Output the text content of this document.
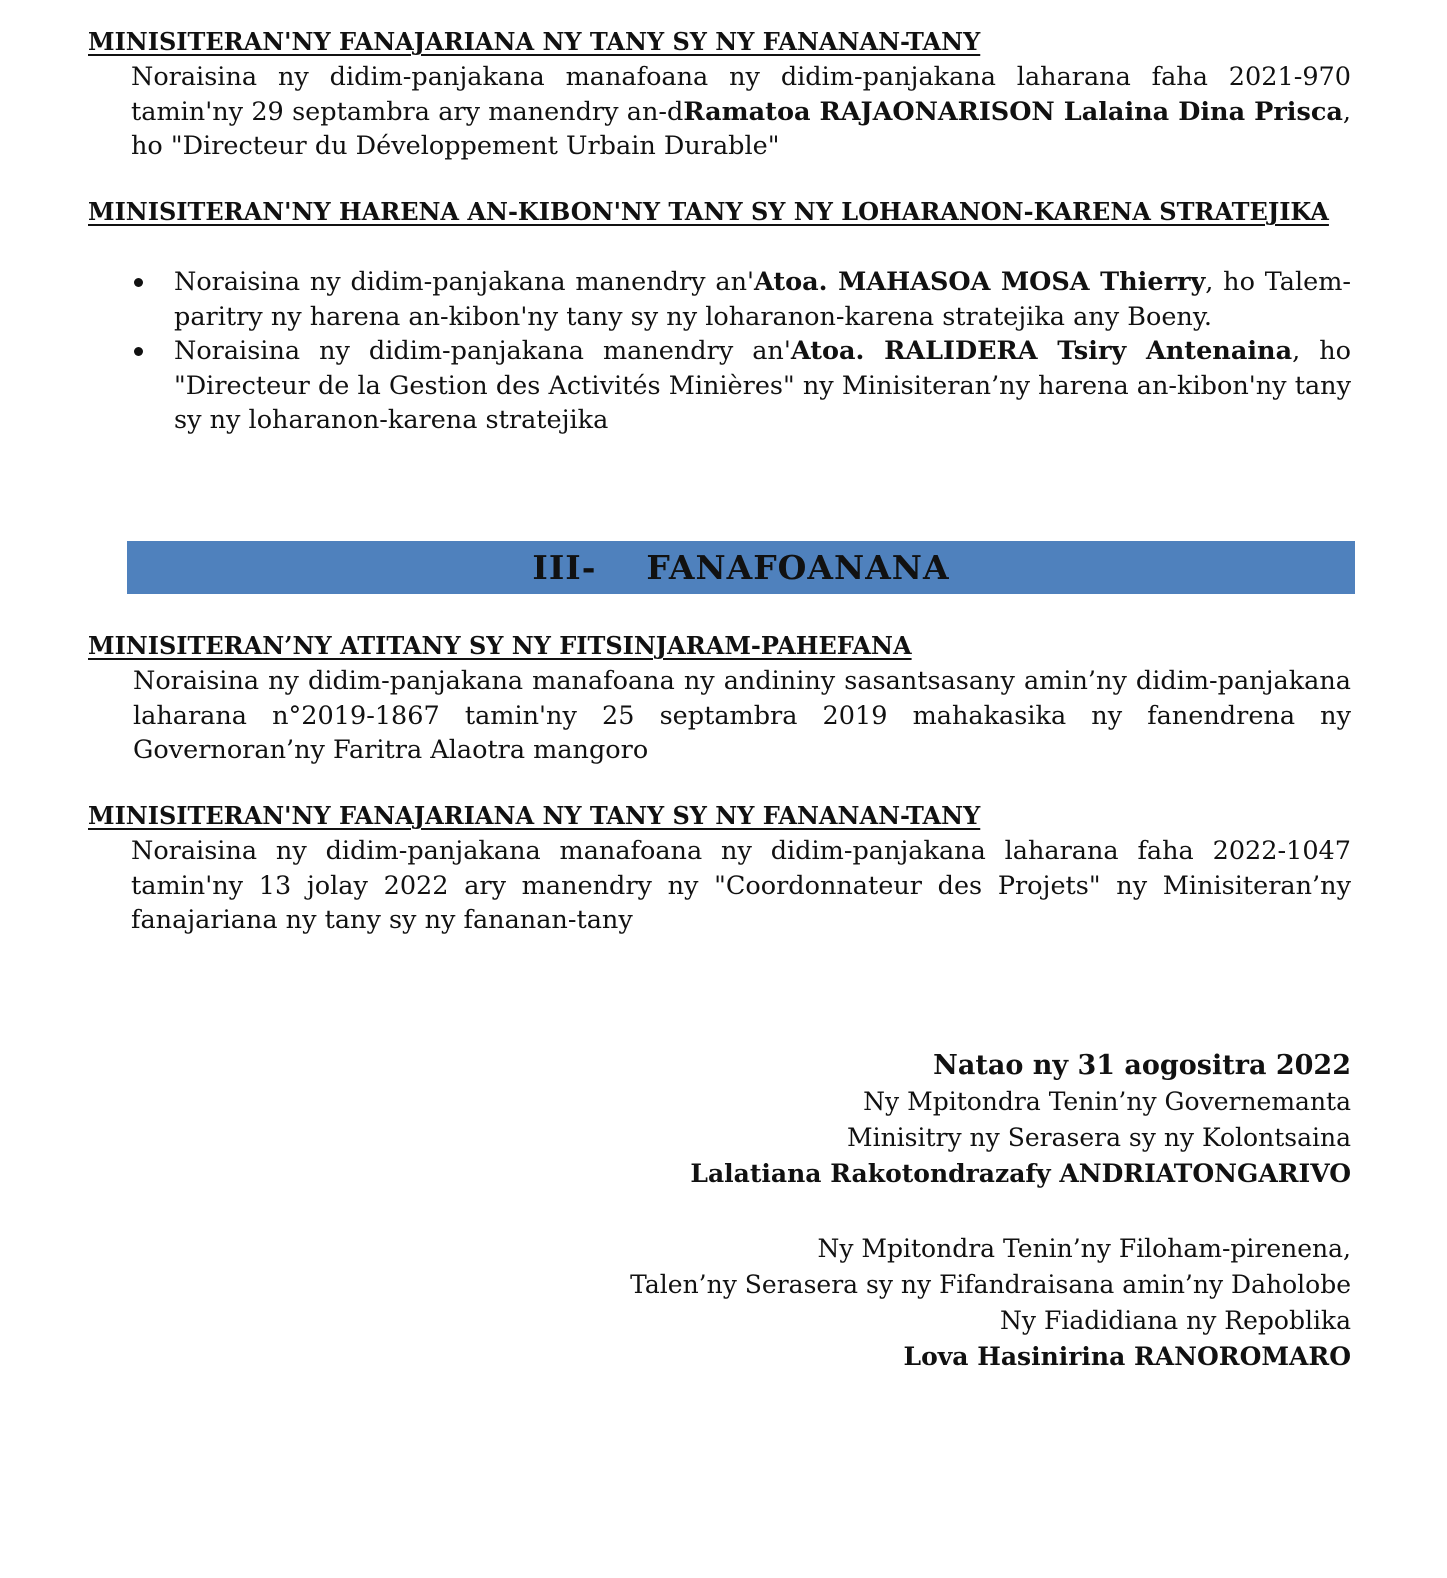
MINISITERAN'NY FANAJARIANA NY TANY SY NY FANANAN-TANY

Noraisina ny didim-panjakana manafoana ny didim-panjakana laharana faha 2021-970 tamin'ny 29 septambra ary manendry an-dRamatoa RAJAONARISON Lalaina Dina Prisca, ho "Directeur du Développement Urbain Durable"

MINISITERAN'NY HARENA AN-KIBON'NY TANY SY NY LOHARANON-KARENA STRATEJIKA
Noraisina ny didim-panjakana manendry an'Atoa. MAHASOA MOSA Thierry, ho Talem-paritry ny harena an-kibon'ny tany sy ny loharanon-karena stratejika any Boeny.
Noraisina ny didim-panjakana manendry an'Atoa. RALIDERA Tsiry Antenaina, ho "Directeur de la Gestion des Activités Minières" ny Minisiteran’ny harena an-kibon'ny tany sy ny loharanon-karena stratejika
III-
FANAFOANANA
MINISITERAN’NY ATITANY SY NY FITSINJARAM-PAHEFANA

Noraisina ny didim-panjakana manafoana ny andininy sasantsasany amin’ny didim-panjakana laharana n°2019-1867 tamin'ny 25 septambra 2019 mahakasika ny fanendrena ny Governoran’ny Faritra Alaotra mangoro

MINISITERAN'NY FANAJARIANA NY TANY SY NY FANANAN-TANY

Noraisina ny didim-panjakana manafoana ny didim-panjakana laharana faha 2022-1047 tamin'ny 13 jolay 2022 ary manendry ny "Coordonnateur des Projets" ny Minisiteran’ny fanajariana ny tany sy ny fananan-tany

Natao ny 31 aogositra 2022
Ny Mpitondra Tenin’ny Governemanta
Minisitry ny Serasera sy ny Kolontsaina
Lalatiana Rakotondrazafy ANDRIATONGARIVO
Ny Mpitondra Tenin’ny Filoham-pirenena,
Talen’ny Serasera sy ny Fifandraisana amin’ny Daholobe
Ny Fiadidiana ny Repoblika
Lova Hasinirina RANOROMARO
